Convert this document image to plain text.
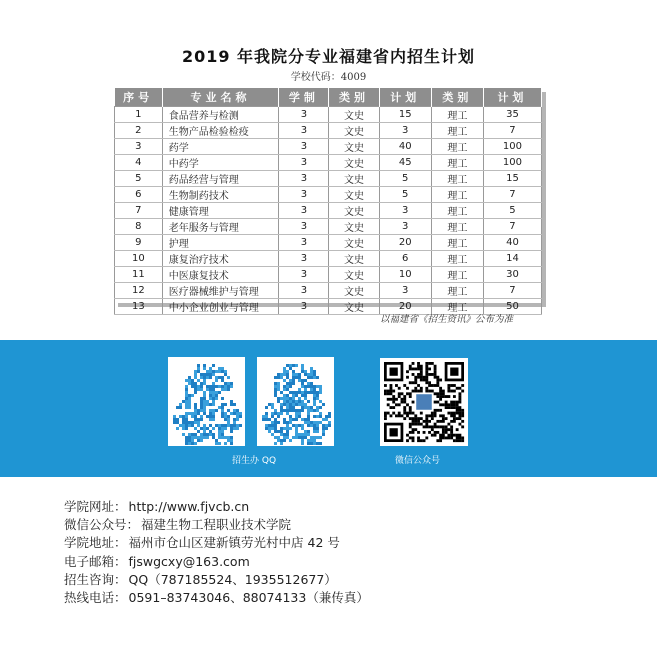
2019 年我院分专业福建省内招生计划
学校代码：4009
序号	专业名称	学制	类别	计划	类别	计划
1	食品营养与检测	3	文史	15	理工	35
2	生物产品检验检疫	3	文史	3	理工	7
3	药学	3	文史	40	理工	100
4	中药学	3	文史	45	理工	100
5	药品经营与管理	3	文史	5	理工	15
6	生物制药技术	3	文史	5	理工	7
7	健康管理	3	文史	3	理工	5
8	老年服务与管理	3	文史	3	理工	7
9	护理	3	文史	20	理工	40
10	康复治疗技术	3	文史	6	理工	14
11	中医康复技术	3	文史	10	理工	30
12	医疗器械维护与管理	3	文史	3	理工	7
13	中小企业创业与管理	3	文史	20	理工	50
以福建省《招生资讯》公布为准
招生办 QQ	微信公众号
学院网址： http://www.fjvcb.cn
微信公众号： 福建生物工程职业技术学院
学院地址： 福州市仓山区建新镇劳光村中店 42 号
电子邮箱： fjswgcxy@163.com
招生咨询： QQ（787185524、1935512677）
热线电话： 0591–83743046、88074133（兼传真）
